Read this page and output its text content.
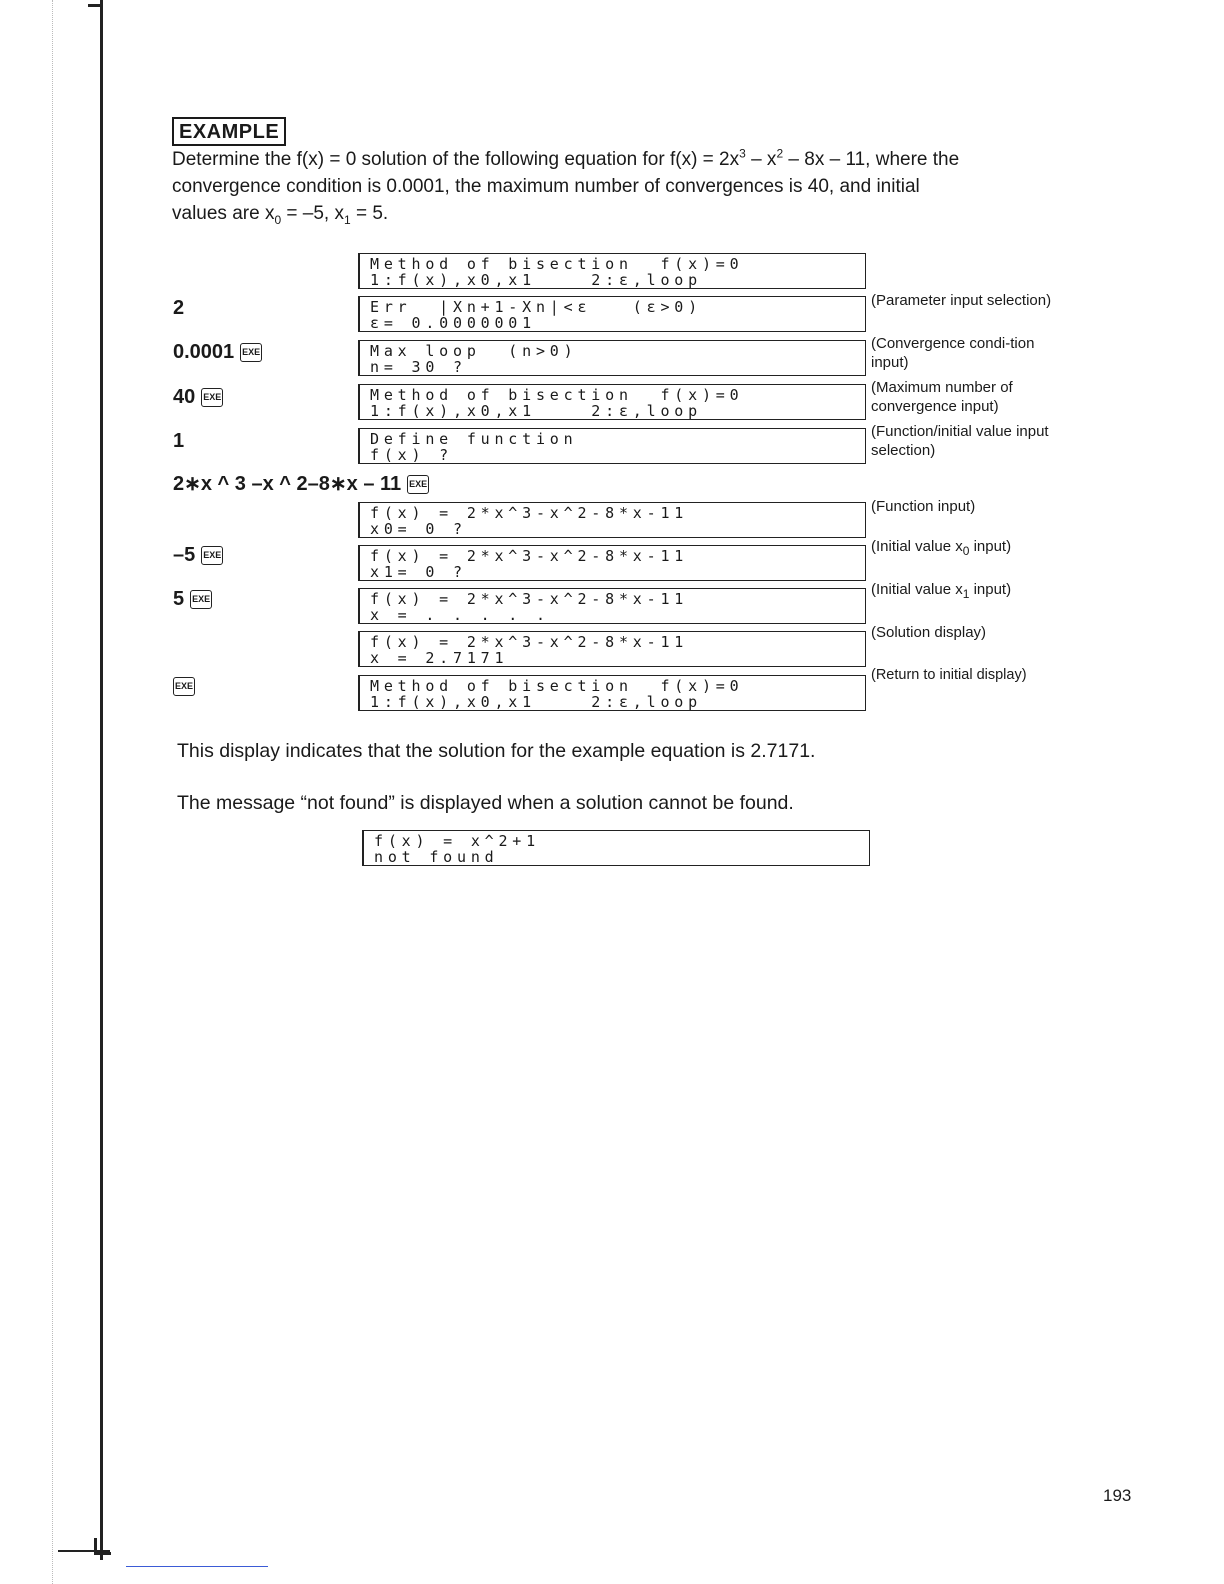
EXAMPLE
Determine the f(x) = 0 solution of the following equation for $f(x) = 2x^3 - x^2 - 8x - 11$, where the
convergence condition is 0.0001, the maximum number of convergences is 40, and initial
values are $x_0 = -5$, $x_1 = 5$.
2
0.0001 EXE
40 EXE
1
2∗x ^ 3 –x ^ 2–8∗x – 11 EXE
–5 EXE
5 EXE
EXE
Method of bisection  f(x)=0
1:f(x),x0,x1    2:ε,loop
Err  |Xn+1-Xn|<ε   (ε>0)
ε= 0.0000001
Max loop  (n>0)
n= 30 ?_
Method of bisection  f(x)=0
1:f(x),x0,x1    2:ε,loop
Define function
f(x) ?_
f(x) = 2*x^3-x^2-8*x-11
x0= 0 ?_
f(x) = 2*x^3-x^2-8*x-11
x1= 0 ?_
f(x) = 2*x^3-x^2-8*x-11
x = . . . . .
f(x) = 2*x^3-x^2-8*x-11
x = 2.7171
Method of bisection  f(x)=0
1:f(x),x0,x1    2:ε,loop
(Parameter input selection)
(Convergence condi-tion input)
(Maximum number of convergence input)
(Function/initial value input selection)
(Function input)
(Initial value $x_0$ input)
(Initial value $x_1$ input)
(Solution display)
(Return to initial display)
This display indicates that the solution for the example equation is 2.7171.
The message “not found” is displayed when a solution cannot be found.
f(x) = x^2+1
not found
193
